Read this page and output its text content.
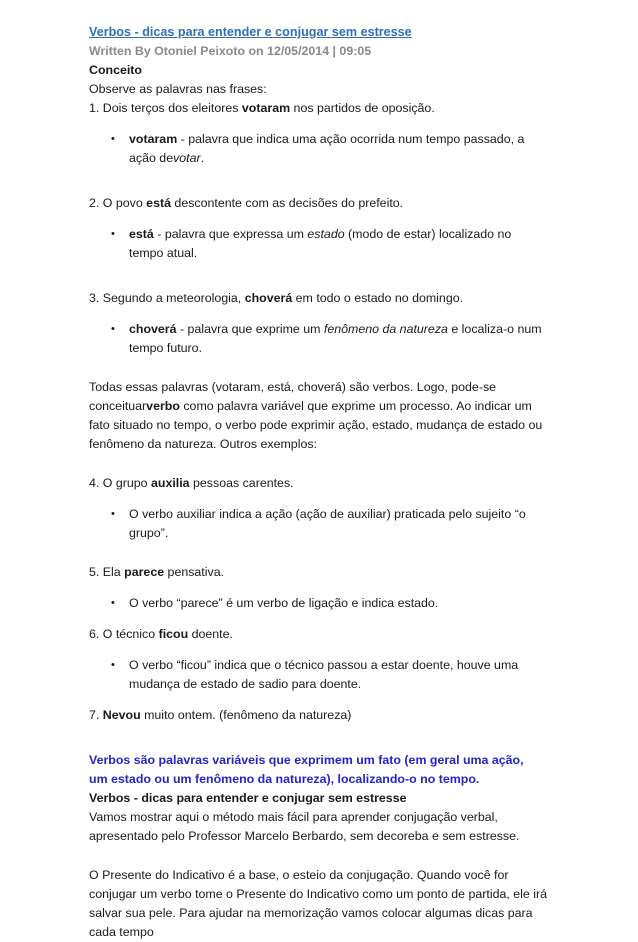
Verbos - dicas para entender e conjugar sem estresse
Written By Otoniel Peixoto on 12/05/2014 | 09:05
Conceito

Observe as palavras nas frases:

1. Dois terços dos eleitores votaram nos partidos de oposição.

• votaram - palavra que indica uma ação ocorrida num tempo passado, a ação devotar.

2. O povo está descontente com as decisões do prefeito.

• está - palavra que expressa um estado (modo de estar) localizado no tempo atual.

3. Segundo a meteorologia, choverá em todo o estado no domingo.

• choverá - palavra que exprime um fenômeno da natureza e localiza-o num tempo futuro.

Todas essas palavras (votaram, está, choverá) são verbos. Logo, pode-se conceituarverbo como palavra variável que exprime um processo. Ao indicar um fato situado no tempo, o verbo pode exprimir ação, estado, mudança de estado ou fenômeno da natureza. Outros exemplos:

4. O grupo auxilia pessoas carentes.

• O verbo auxiliar indica a ação (ação de auxiliar) praticada pelo sujeito “o grupo”.

5. Ela parece pensativa.

• O verbo “parece” é um verbo de ligação e indica estado.

6. O técnico ficou doente.

• O verbo “ficou” indica que o técnico passou a estar doente, houve uma mudança de estado de sadio para doente.

7. Nevou muito ontem. (fenômeno da natureza)

Verbos são palavras variáveis que exprimem um fato (em geral uma ação,
um estado ou um fenômeno da natureza), localizando-o no tempo.
Verbos - dicas para entender e conjugar sem estresse

Vamos mostrar aqui o método mais fácil para aprender conjugação verbal, apresentado pelo Professor Marcelo Berbardo, sem decoreba e sem estresse.

O Presente do Indicativo é a base, o esteio da conjugação. Quando você for conjugar um verbo tome o Presente do Indicativo como um ponto de partida, ele irá salvar sua pele. Para ajudar na memorização vamos colocar algumas dicas para cada tempo
